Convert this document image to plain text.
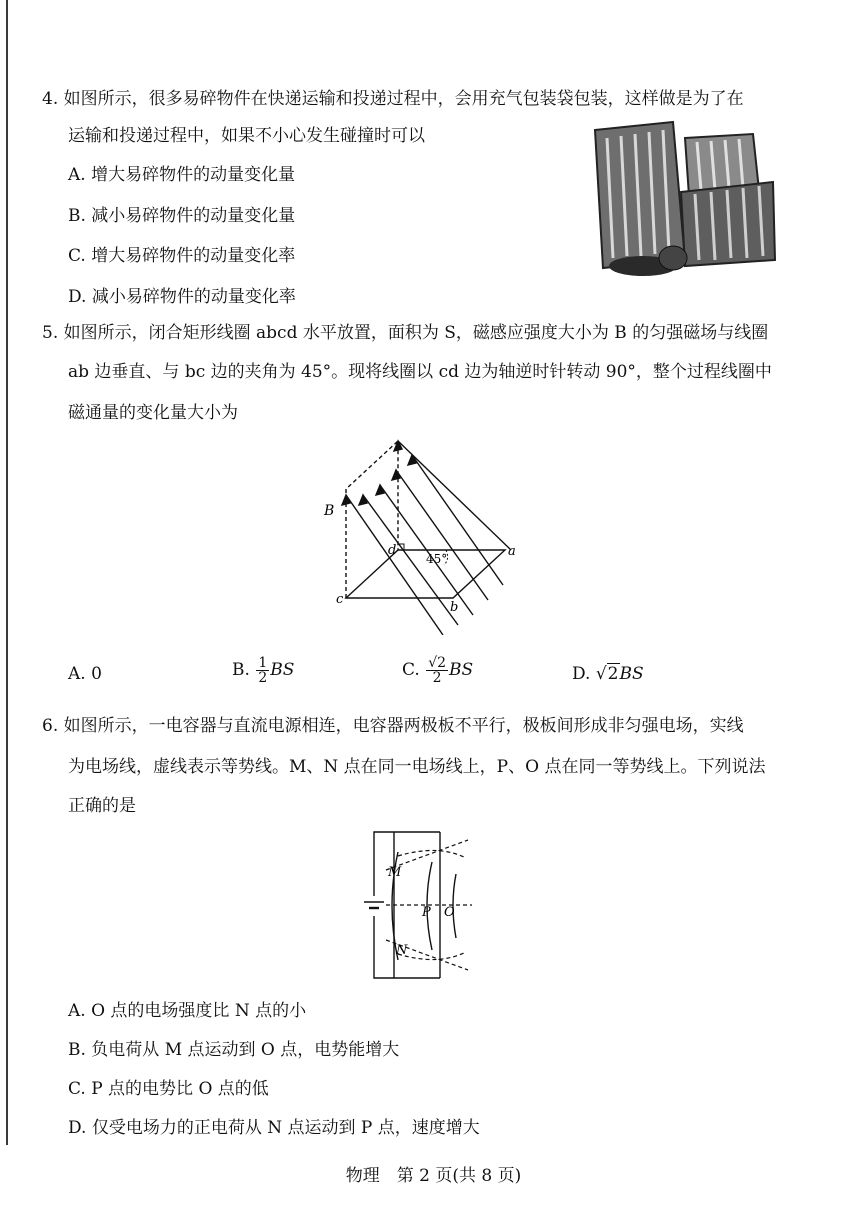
4. 如图所示，很多易碎物件在快递运输和投递过程中，会用充气包装袋包装，这样做是为了在
运输和投递过程中，如果不小心发生碰撞时可以
A. 增大易碎物件的动量变化量
B. 减小易碎物件的动量变化量
C. 增大易碎物件的动量变化率
D. 减小易碎物件的动量变化率
5. 如图所示，闭合矩形线圈 abcd 水平放置，面积为 S，磁感应强度大小为 B 的匀强磁场与线圈
ab 边垂直、与 bc 边的夹角为 45°。现将线圈以 cd 边为轴逆时针转动 90°，整个过程线圈中
磁通量的变化量大小为
B
a
b
c
d
45°
A. 0	B. $\frac{1}{2}$ BS	C. $\frac{√2}{2}$ BS	D. √2BS
6. 如图所示，一电容器与直流电源相连，电容器两极板不平行，极板间形成非匀强电场，实线
为电场线，虚线表示等势线。M、N 点在同一电场线上，P、O 点在同一等势线上。下列说法
正确的是
M
N
P O
A. O 点的电场强度比 N 点的小
B. 负电荷从 M 点运动到 O 点，电势能增大
C. P 点的电势比 O 点的低
D. 仅受电场力的正电荷从 N 点运动到 P 点，速度增大
物理　第 2 页(共 8 页)
